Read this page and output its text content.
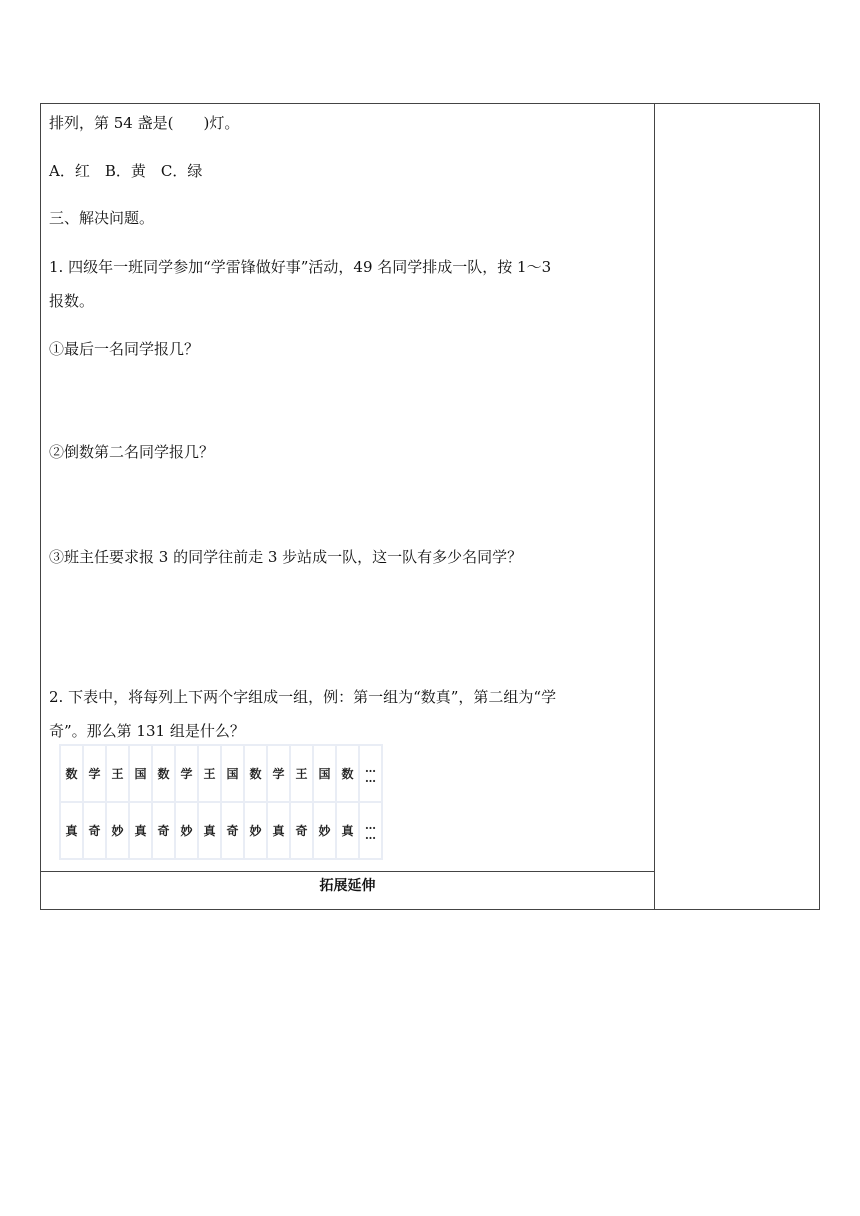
排列，第 54 盏是(　　)灯。
A．红　B．黄　C．绿
三、解决问题。
1. 四级年一班同学参加“学雷锋做好事”活动，49 名同学排成一队，按 1～3
报数。
①最后一名同学报几？
②倒数第二名同学报几？
③班主任要求报 3 的同学往前走 3 步站成一队，这一队有多少名同学？
2. 下表中，将每列上下两个字组成一组，例：第一组为“数真”，第二组为“学
奇”。那么第 131 组是什么？
数	学	王	国	数	学	王	国	数	学	王	国	数	…
…
真	奇	妙	真	奇	妙	真	奇	妙	真	奇	妙	真	…
…
拓展延伸
